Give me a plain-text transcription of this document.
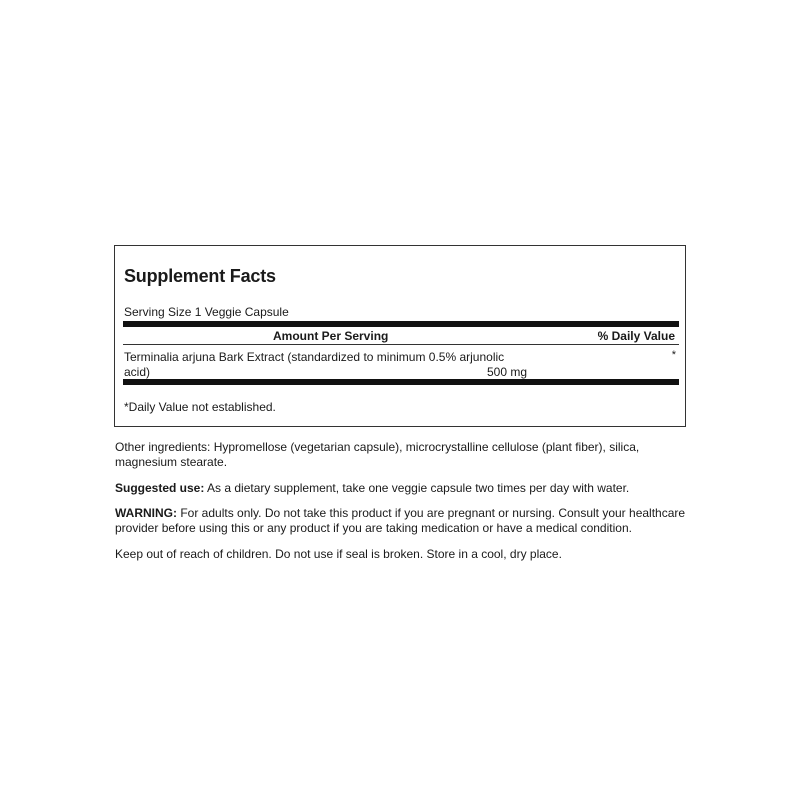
Supplement Facts
Serving Size 1 Veggie Capsule
Amount Per Serving	% Daily Value
Terminalia arjuna Bark Extract (standardized to minimum 0.5% arjunolic acid)	500 mg
*
*Daily Value not established.

Other ingredients: Hypromellose (vegetarian capsule), microcrystalline cellulose (plant fiber), silica, magnesium stearate.

Suggested use: As a dietary supplement, take one veggie capsule two times per day with water.

WARNING: For adults only. Do not take this product if you are pregnant or nursing. Consult your healthcare provider before using this or any product if you are taking medication or have a medical condition.

Keep out of reach of children. Do not use if seal is broken. Store in a cool, dry place.
